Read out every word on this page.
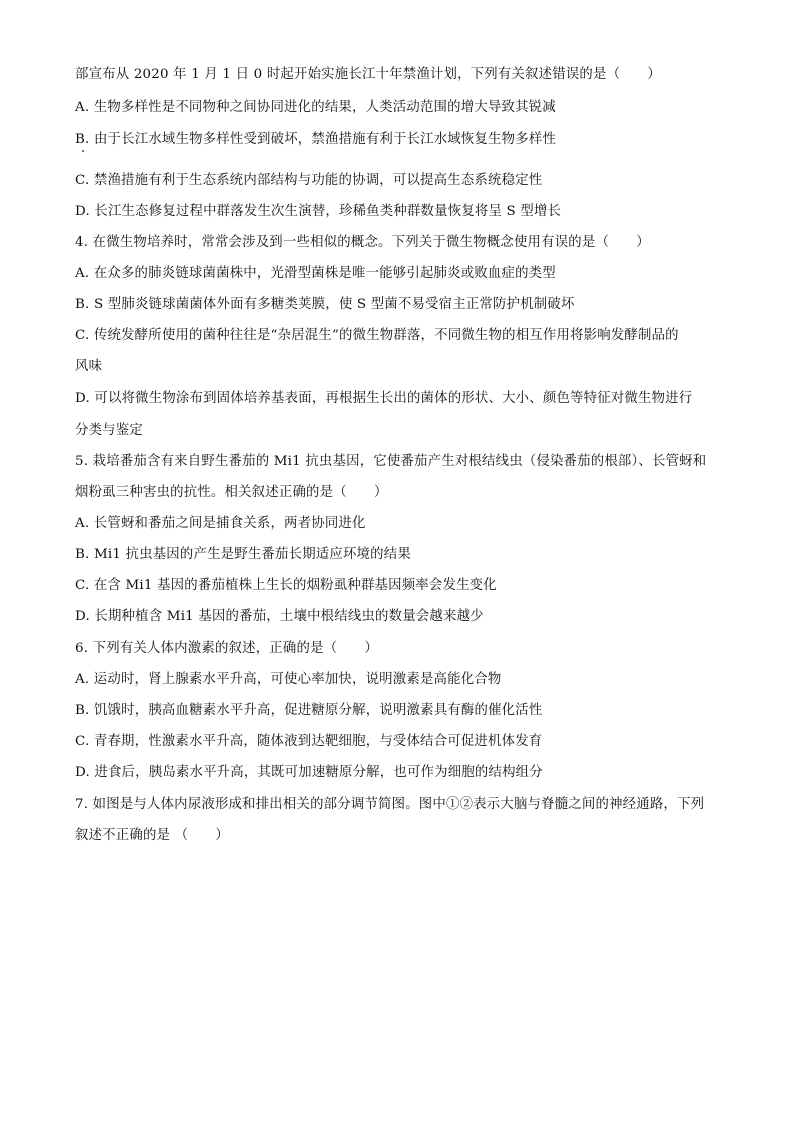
部宣布从 2020 年 1 月 1 日 0 时起开始实施长江十年禁渔计划，下列有关叙述错误的是（　　）
A. 生物多样性是不同物种之间协同进化的结果，人类活动范围的增大导致其锐减
B. 由于长江水域生物多样性受到破坏，禁渔措施有利于长江水域恢复生物多样性
C. 禁渔措施有利于生态系统内部结构与功能的协调，可以提高生态系统稳定性
D. 长江生态修复过程中群落发生次生演替，珍稀鱼类种群数量恢复将呈 S 型增长
4. 在微生物培养时，常常会涉及到一些相似的概念。下列关于微生物概念使用有误的是（　　）
A. 在众多的肺炎链球菌菌株中，光滑型菌株是唯一能够引起肺炎或败血症的类型
B. S 型肺炎链球菌菌体外面有多糖类荚膜，使 S 型菌不易受宿主正常防护机制破坏
C. 传统发酵所使用的菌种往往是“杂居混生”的微生物群落，不同微生物的相互作用将影响发酵制品的
风味
D. 可以将微生物涂布到固体培养基表面，再根据生长出的菌体的形状、大小、颜色等特征对微生物进行
分类与鉴定
5. 栽培番茄含有来自野生番茄的 Mi1 抗虫基因，它使番茄产生对根结线虫（侵染番茄的根部）、长管蚜和
烟粉虱三种害虫的抗性。相关叙述正确的是（　　）
A. 长管蚜和番茄之间是捕食关系，两者协同进化
B. Mi1 抗虫基因的产生是野生番茄长期适应环境的结果
C. 在含 Mi1 基因的番茄植株上生长的烟粉虱种群基因频率会发生变化
D. 长期种植含 Mi1 基因的番茄，土壤中根结线虫的数量会越来越少
6. 下列有关人体内激素的叙述，正确的是（　　）
A. 运动时，肾上腺素水平升高，可使心率加快，说明激素是高能化合物
B. 饥饿时，胰高血糖素水平升高，促进糖原分解，说明激素具有酶的催化活性
C. 青春期，性激素水平升高，随体液到达靶细胞，与受体结合可促进机体发育
D. 进食后，胰岛素水平升高，其既可加速糖原分解，也可作为细胞的结构组分
7. 如图是与人体内尿液形成和排出相关的部分调节简图。图中①②表示大脑与脊髓之间的神经通路，下列
叙述不正确的是 （　　）
